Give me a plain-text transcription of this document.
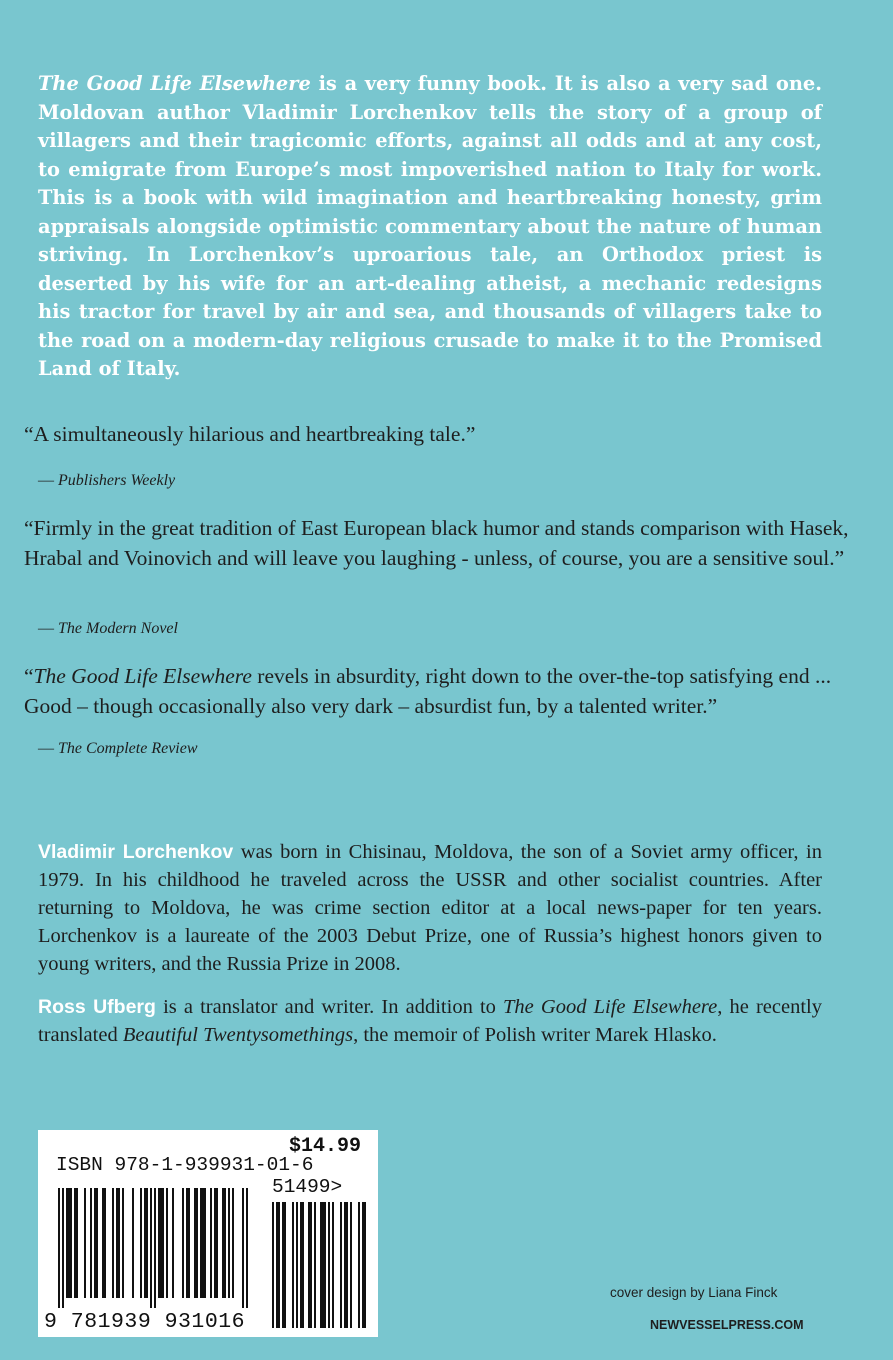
The Good Life Elsewhere is a very funny book. It is also a very sad one. Moldovan author Vladimir Lorchenkov tells the story of a group of villagers and their tragicomic efforts, against all odds and at any cost, to emigrate from Europe’s most impoverished nation to Italy for work. This is a book with wild imagination and heartbreaking honesty, grim appraisals alongside optimistic commentary about the nature of human striving. In Lorchenkov’s uproarious tale, an Orthodox priest is deserted by his wife for an art-dealing atheist, a mechanic redesigns his tractor for travel by air and sea, and thousands of villagers take to the road on a modern-day religious crusade to make it to the Promised Land of Italy.

“A simultaneously hilarious and heartbreaking tale.”

— Publishers Weekly

“Firmly in the great tradition of East European black humor and stands comparison with Hasek, Hrabal and Voinovich and will leave you laughing - unless, of course, you are a sensitive soul.”

— The Modern Novel

“The Good Life Elsewhere revels in absurdity, right down to the over-the-top satisfying end ... Good – though occasionally also very dark – absurdist fun, by a talented writer.”

— The Complete Review

Vladimir Lorchenkov was born in Chisinau, Moldova, the son of a Soviet army officer, in 1979. In his childhood he traveled across the USSR and other socialist countries. After returning to Moldova, he was crime section editor at a local news-paper for ten years. Lorchenkov is a laureate of the 2003 Debut Prize, one of Russia’s highest honors given to young writers, and the Russia Prize in 2008.

Ross Ufberg is a translator and writer. In addition to The Good Life Elsewhere, he recently translated Beautiful Twentysomethings, the memoir of Polish writer Marek Hlasko.

$14.99
ISBN 978-1-939931-01-6
51499>
9 781939 931016

cover design by Liana Finck

NEWVESSELPRESS.COM
